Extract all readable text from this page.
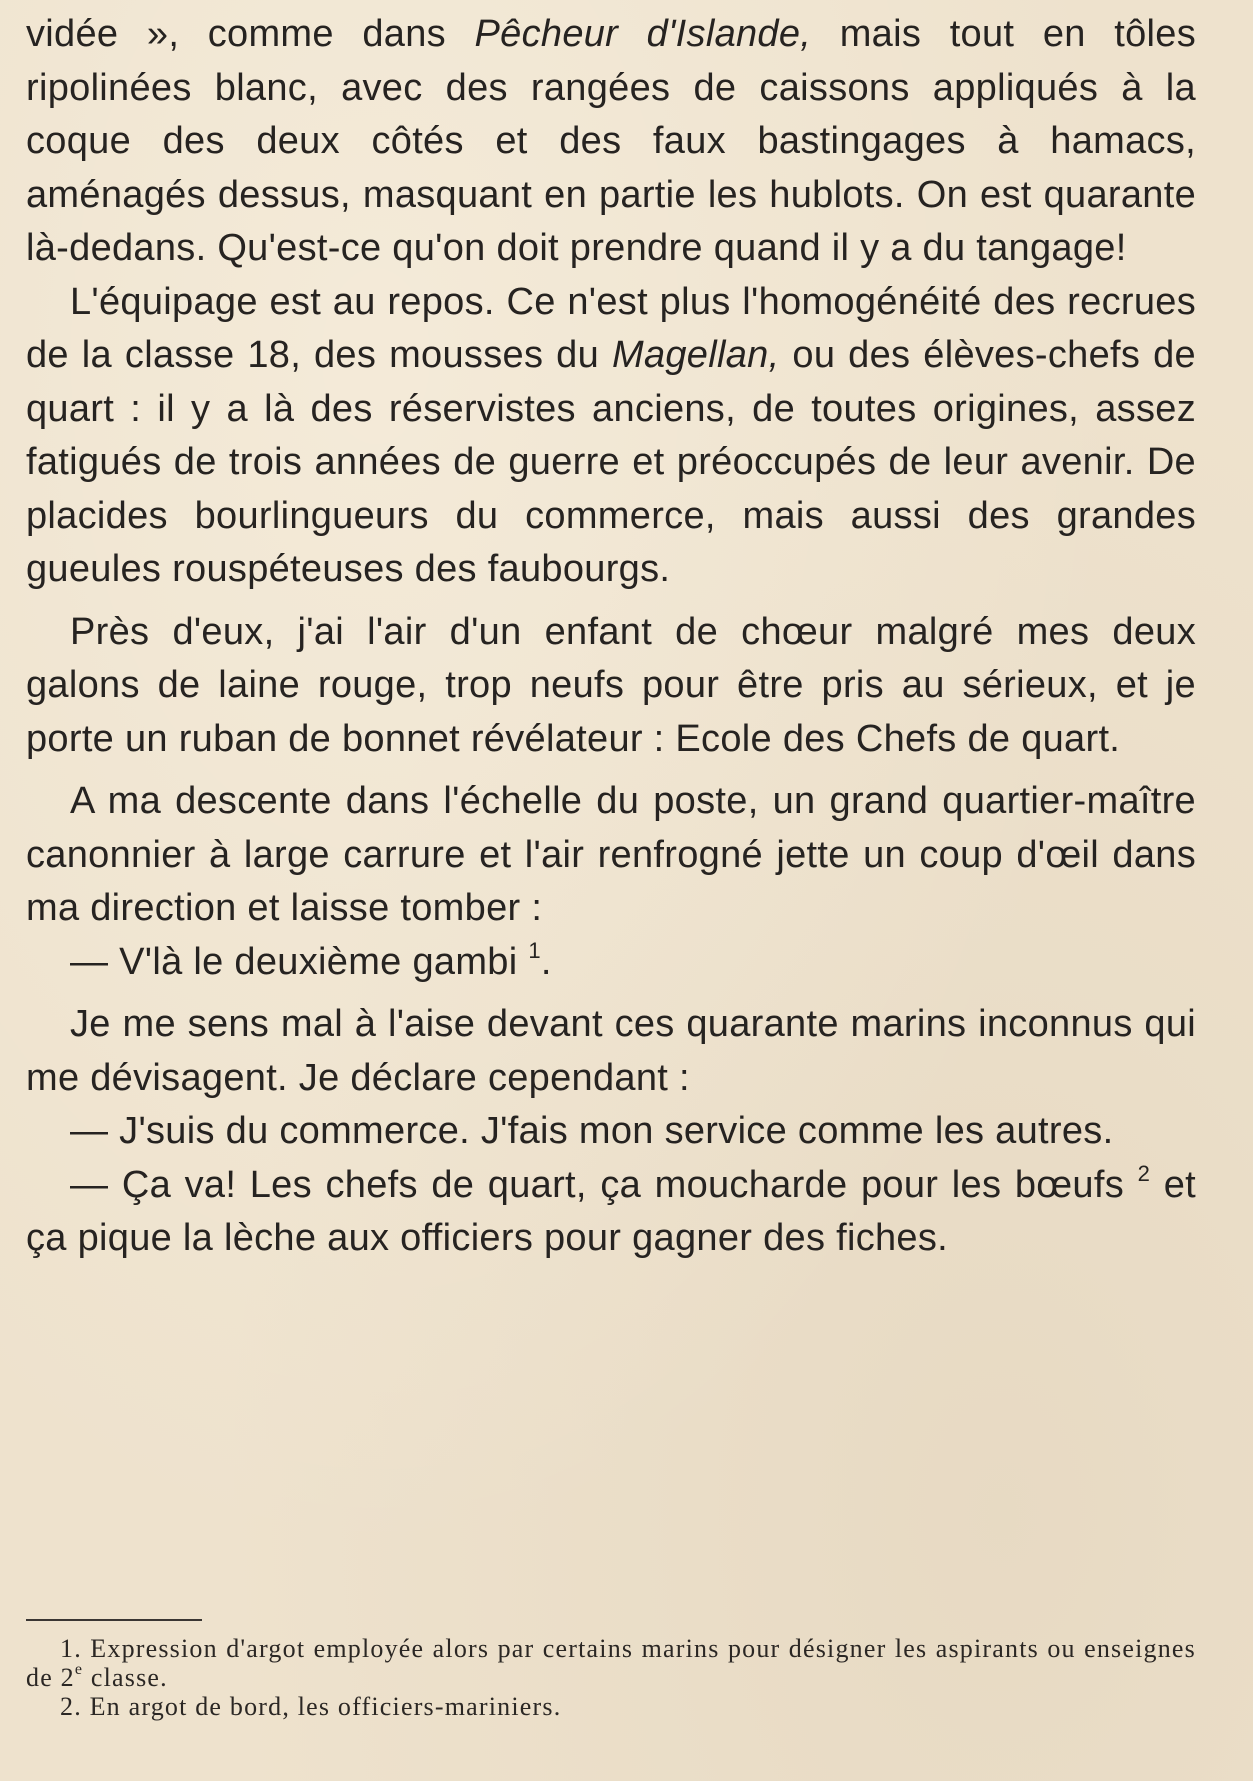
vidée », comme dans Pêcheur d'Islande, mais tout en tôles ripolinées blanc, avec des rangées de caissons appliqués à la coque des deux côtés et des faux bastingages à hamacs, aménagés dessus, masquant en partie les hublots. On est quarante là-dedans. Qu'est-ce qu'on doit prendre quand il y a du tangage!

L'équipage est au repos. Ce n'est plus l'homogénéité des recrues de la classe 18, des mousses du Magellan, ou des élèves-chefs de quart : il y a là des réservistes anciens, de toutes origines, assez fatigués de trois années de guerre et préoccupés de leur avenir. De placides bourlingueurs du commerce, mais aussi des grandes gueules rouspéteuses des faubourgs.

Près d'eux, j'ai l'air d'un enfant de chœur malgré mes deux galons de laine rouge, trop neufs pour être pris au sérieux, et je porte un ruban de bonnet révélateur : Ecole des Chefs de quart.

A ma descente dans l'échelle du poste, un grand quartier-maître canonnier à large carrure et l'air renfrogné jette un coup d'œil dans ma direction et laisse tomber :

— V'là le deuxième gambi $^1$.

Je me sens mal à l'aise devant ces quarante marins inconnus qui me dévisagent. Je déclare cependant :

— J'suis du commerce. J'fais mon service comme les autres.

— Ça va! Les chefs de quart, ça moucharde pour les bœufs $^2$ et ça pique la lèche aux officiers pour gagner des fiches.

1. Expression d'argot employée alors par certains marins pour désigner les aspirants ou enseignes de 2e classe.

2. En argot de bord, les officiers-mariniers.
